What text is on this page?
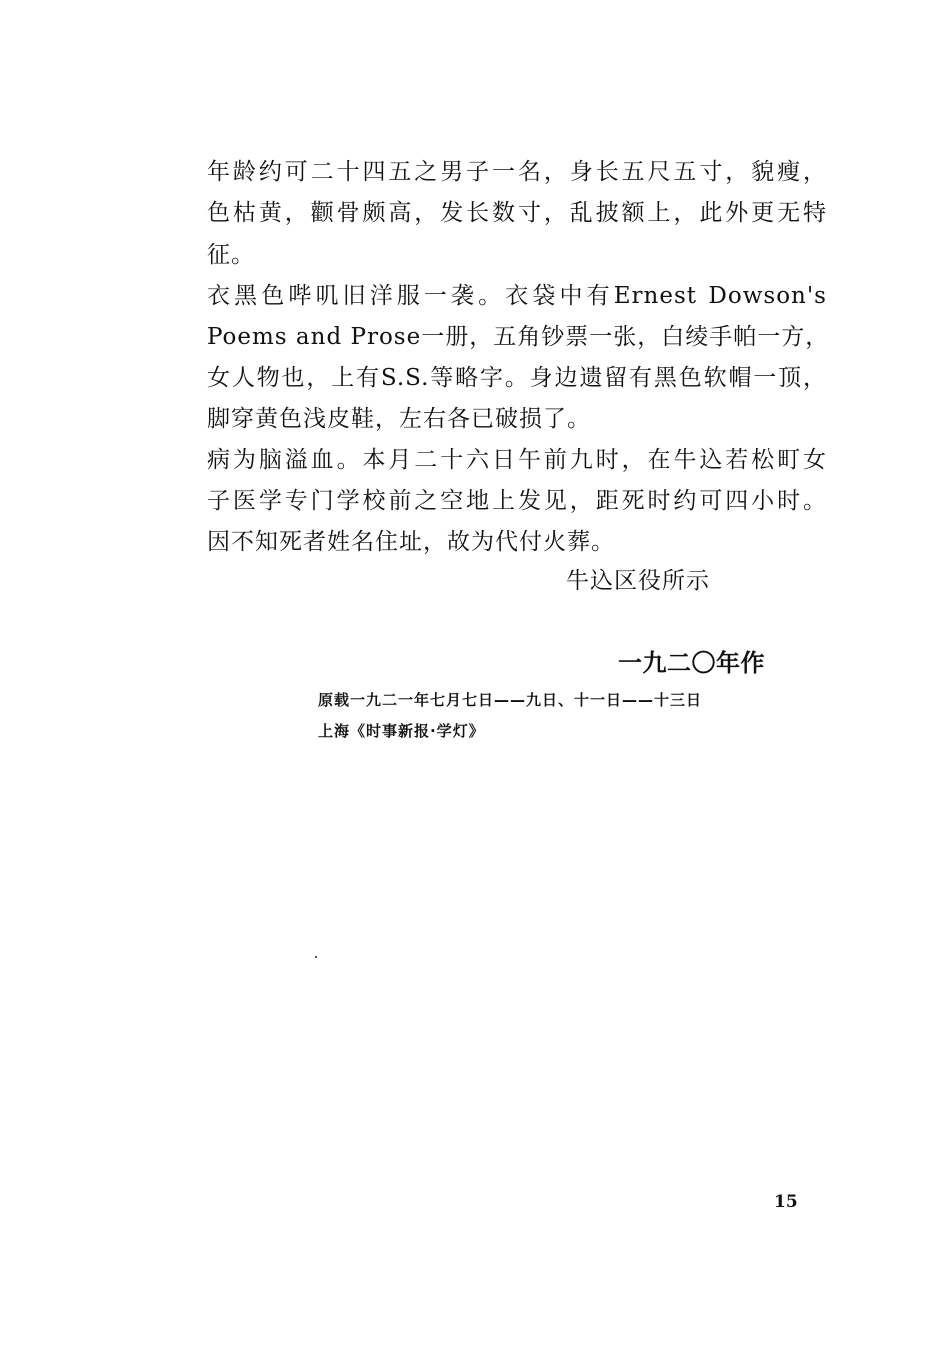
年龄约可二十四五之男子一名，身长五尺五寸，貌瘦，
色枯黄，颧骨颇高，发长数寸，乱披额上，此外更无特
征。
衣黑色哔叽旧洋服一袭。衣袋中有Ernest Dowson's
Poems and Prose一册，五角钞票一张，白绫手帕一方，
女人物也，上有S.S.等略字。身边遗留有黑色软帽一顶，
脚穿黄色浅皮鞋，左右各已破损了。
病为脑溢血。本月二十六日午前九时，在牛込若松町女
子医学专门学校前之空地上发见，距死时约可四小时。
因不知死者姓名住址，故为代付火葬。
牛込区役所示
一九二〇年作
原载一九二一年七月七日——九日、十一日——十三日
上海《时事新报·学灯》
15
